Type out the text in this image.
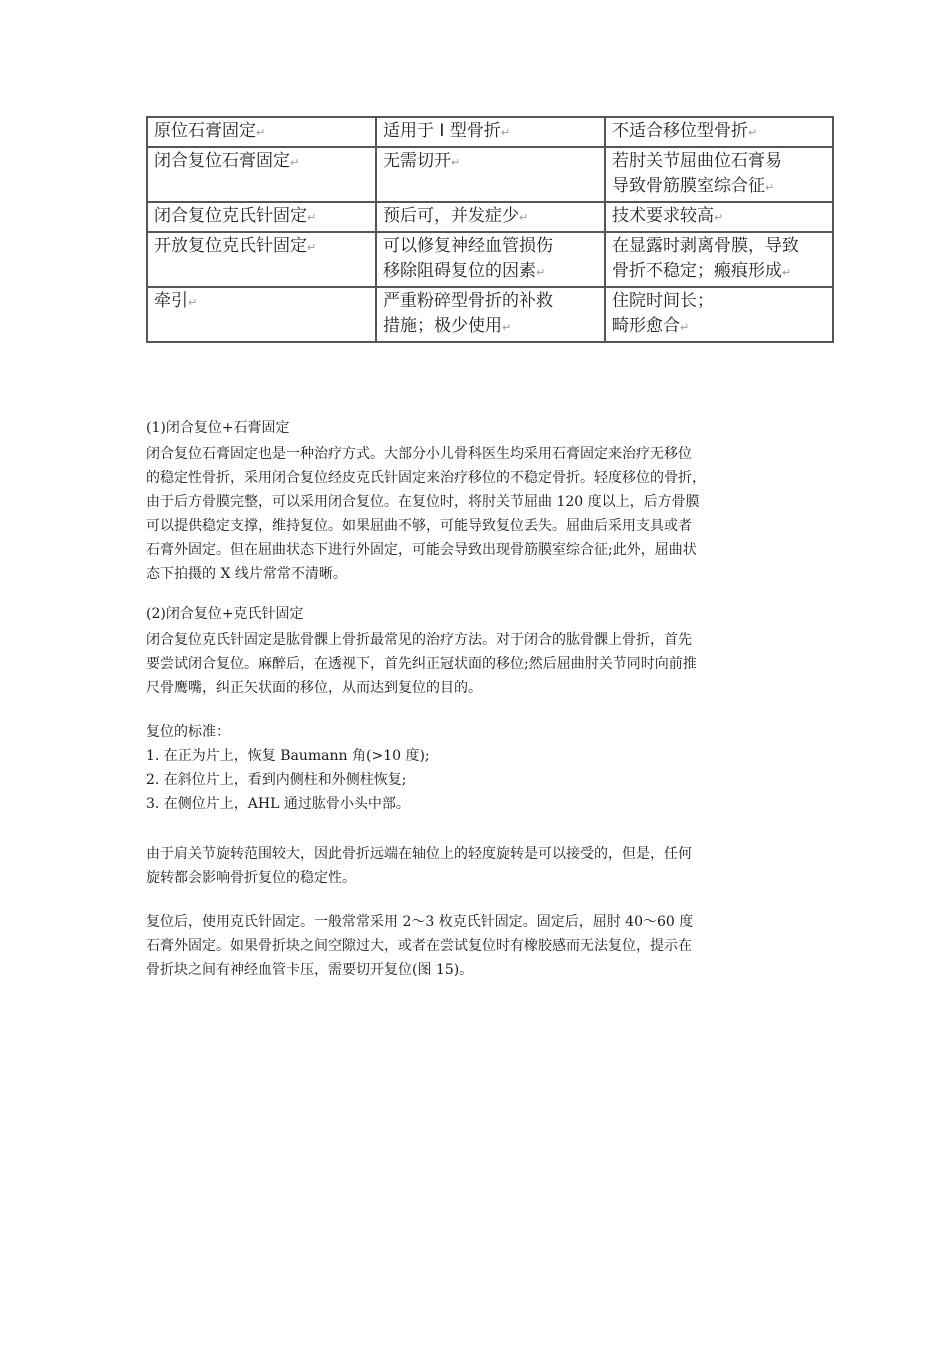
原位石膏固定↵	适用于 I 型骨折↵	不适合移位型骨折↵

闭合复位石膏固定↵	无需切开↵	若肘关节屈曲位石膏易
导致骨筋膜室综合征↵

闭合复位克氏针固定↵	预后可，并发症少↵	技术要求较高↵

开放复位克氏针固定↵	可以修复神经血管损伤
移除阻碍复位的因素↵	在显露时剥离骨膜，导致
骨折不稳定；瘢痕形成↵

牵引↵	严重粉碎型骨折的补救
措施；极少使用↵	住院时间长；
畸形愈合↵
(1)闭合复位+石膏固定
闭合复位石膏固定也是一种治疗方式。大部分小儿骨科医生均采用石膏固定来治疗无移位
的稳定性骨折，采用闭合复位经皮克氏针固定来治疗移位的不稳定骨折。轻度移位的骨折，
由于后方骨膜完整，可以采用闭合复位。在复位时，将肘关节屈曲 120 度以上，后方骨膜
可以提供稳定支撑，维持复位。如果屈曲不够，可能导致复位丢失。屈曲后采用支具或者
石膏外固定。但在屈曲状态下进行外固定，可能会导致出现骨筋膜室综合征;此外，屈曲状
态下拍摄的 X 线片常常不清晰。
(2)闭合复位+克氏针固定
闭合复位克氏针固定是肱骨髁上骨折最常见的治疗方法。对于闭合的肱骨髁上骨折，首先
要尝试闭合复位。麻醉后，在透视下，首先纠正冠状面的移位;然后屈曲肘关节同时向前推
尺骨鹰嘴，纠正矢状面的移位，从而达到复位的目的。
复位的标准：
1. 在正为片上，恢复 Baumann 角(>10 度);
2. 在斜位片上，看到内侧柱和外侧柱恢复;
3. 在侧位片上，AHL 通过肱骨小头中部。
由于肩关节旋转范围较大，因此骨折远端在轴位上的轻度旋转是可以接受的，但是，任何
旋转都会影响骨折复位的稳定性。
复位后，使用克氏针固定。一般常常采用 2～3 枚克氏针固定。固定后，屈肘 40～60 度
石膏外固定。如果骨折块之间空隙过大，或者在尝试复位时有橡胶感而无法复位，提示在
骨折块之间有神经血管卡压，需要切开复位(图 15)。
